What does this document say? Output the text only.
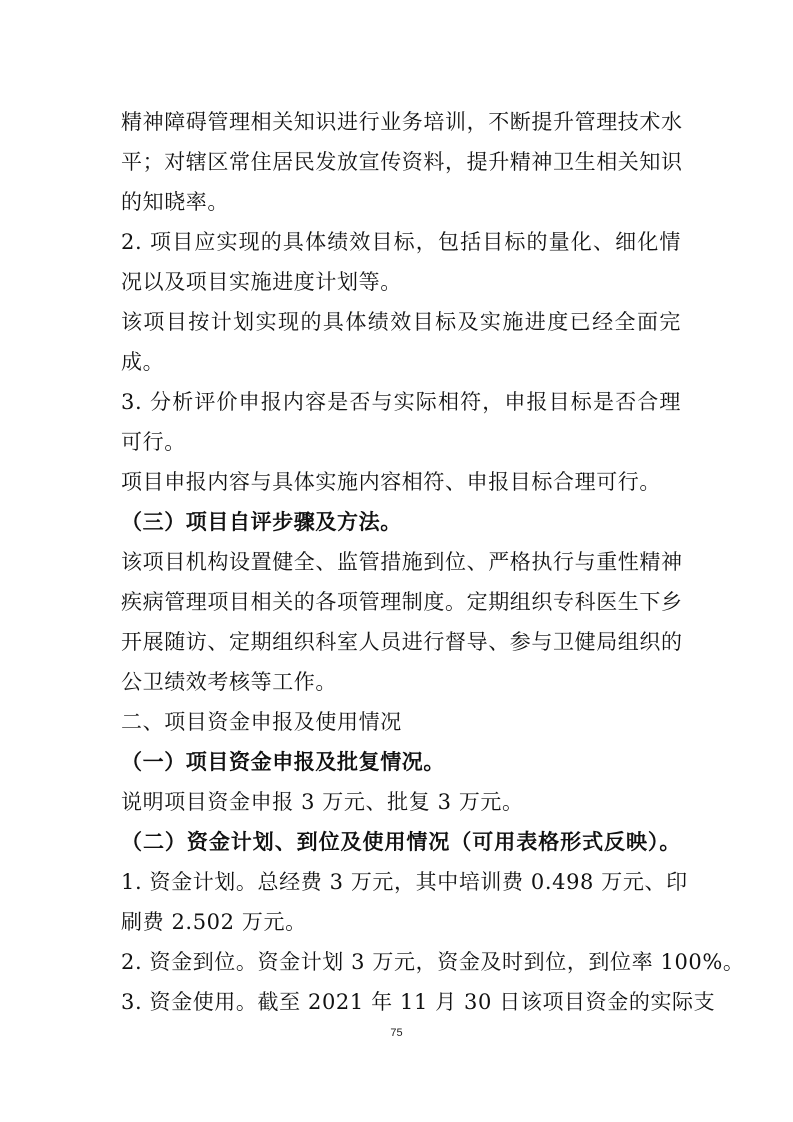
精神障碍管理相关知识进行业务培训，不断提升管理技术水
平；对辖区常住居民发放宣传资料，提升精神卫生相关知识
的知晓率。
2. 项目应实现的具体绩效目标，包括目标的量化、细化情
况以及项目实施进度计划等。
该项目按计划实现的具体绩效目标及实施进度已经全面完
成。
3. 分析评价申报内容是否与实际相符，申报目标是否合理
可行。
项目申报内容与具体实施内容相符、申报目标合理可行。
（三）项目自评步骤及方法。
该项目机构设置健全、监管措施到位、严格执行与重性精神
疾病管理项目相关的各项管理制度。定期组织专科医生下乡
开展随访、定期组织科室人员进行督导、参与卫健局组织的
公卫绩效考核等工作。
二、项目资金申报及使用情况
（一）项目资金申报及批复情况。
说明项目资金申报 3 万元、批复 3 万元。
（二）资金计划、到位及使用情况（可用表格形式反映）。
1. 资金计划。总经费 3 万元，其中培训费 0.498 万元、印
刷费 2.502 万元。
2. 资金到位。资金计划 3 万元，资金及时到位，到位率 100%。
3. 资金使用。截至 2021 年 11 月 30 日该项目资金的实际支
75
